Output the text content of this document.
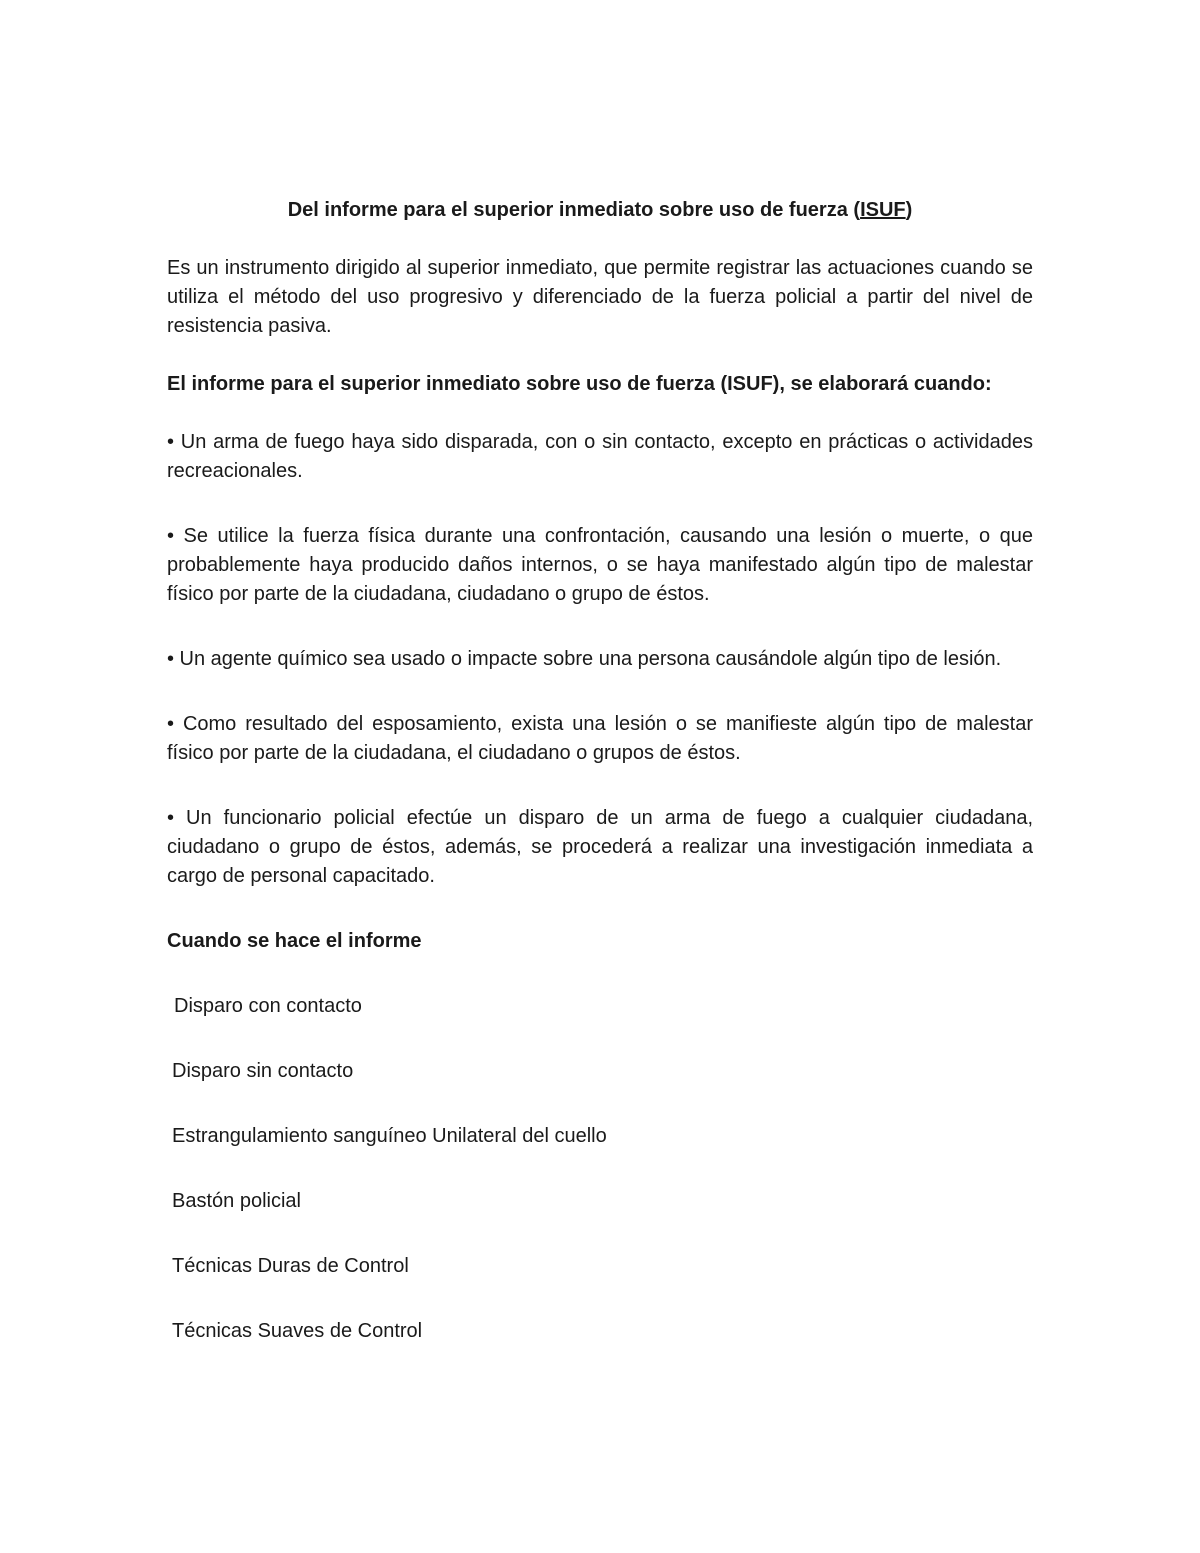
Del informe para el superior inmediato sobre uso de fuerza (ISUF)

Es un instrumento dirigido al superior inmediato, que permite registrar las actuaciones cuando se utiliza el método del uso progresivo y diferenciado de la fuerza policial a partir del nivel de resistencia pasiva.

El informe para el superior inmediato sobre uso de fuerza (ISUF), se elaborará cuando:

• Un arma de fuego haya sido disparada, con o sin contacto, excepto en prácticas o actividades recreacionales.

• Se utilice la fuerza física durante una confrontación, causando una lesión o muerte, o que probablemente haya producido daños internos, o se haya manifestado algún tipo de malestar físico por parte de la ciudadana, ciudadano o grupo de éstos.

• Un agente químico sea usado o impacte sobre una persona causándole algún tipo de lesión.

• Como resultado del esposamiento, exista una lesión o se manifieste algún tipo de malestar físico por parte de la ciudadana, el ciudadano o grupos de éstos.

• Un funcionario policial efectúe un disparo de un arma de fuego a cualquier ciudadana, ciudadano o grupo de éstos, además, se procederá a realizar una investigación inmediata a cargo de personal capacitado.

Cuando se hace el informe

Disparo con contacto

Disparo sin contacto

Estrangulamiento sanguíneo Unilateral del cuello

Bastón policial

Técnicas Duras de Control

Técnicas Suaves de Control
